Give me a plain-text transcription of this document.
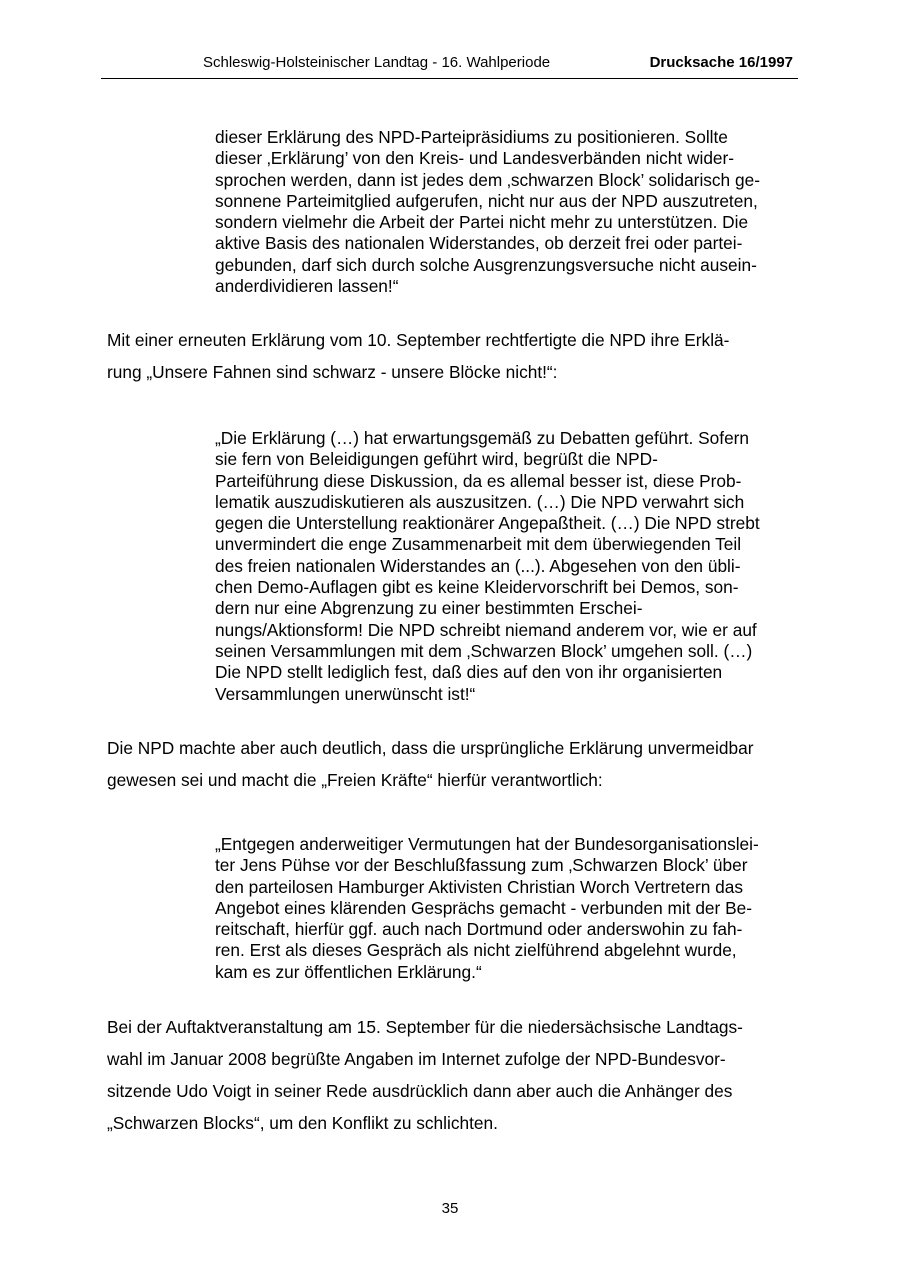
Schleswig-Holsteinischer Landtag - 16. Wahlperiode	Drucksache 16/1997
dieser Erklärung des NPD-Parteipräsidiums zu positionieren. Sollte
dieser ‚Erklärung’ von den Kreis- und Landesverbänden nicht wider-
sprochen werden, dann ist jedes dem ‚schwarzen Block’ solidarisch ge-
sonnene Parteimitglied aufgerufen, nicht nur aus der NPD auszutreten,
sondern vielmehr die Arbeit der Partei nicht mehr zu unterstützen. Die
aktive Basis des nationalen Widerstandes, ob derzeit frei oder partei-
gebunden, darf sich durch solche Ausgrenzungsversuche nicht ausein-
anderdividieren lassen!“
Mit einer erneuten Erklärung vom 10. September rechtfertigte die NPD ihre Erklä-
rung „Unsere Fahnen sind schwarz - unsere Blöcke nicht!“:
„Die Erklärung (…) hat erwartungsgemäß zu Debatten geführt. Sofern
sie fern von Beleidigungen geführt wird, begrüßt die NPD-
Parteiführung diese Diskussion, da es allemal besser ist, diese Prob-
lematik auszudiskutieren als auszusitzen. (…) Die NPD verwahrt sich
gegen die Unterstellung reaktionärer Angepaßtheit. (…) Die NPD strebt
unvermindert die enge Zusammenarbeit mit dem überwiegenden Teil
des freien nationalen Widerstandes an (...). Abgesehen von den übli-
chen Demo-Auflagen gibt es keine Kleidervorschrift bei Demos, son-
dern nur eine Abgrenzung zu einer bestimmten Erschei-
nungs/Aktionsform! Die NPD schreibt niemand anderem vor, wie er auf
seinen Versammlungen mit dem ‚Schwarzen Block’ umgehen soll. (…)
Die NPD stellt lediglich fest, daß dies auf den von ihr organisierten
Versammlungen unerwünscht ist!“
Die NPD machte aber auch deutlich, dass die ursprüngliche Erklärung unvermeidbar
gewesen sei und macht die „Freien Kräfte“ hierfür verantwortlich:
„Entgegen anderweitiger Vermutungen hat der Bundesorganisationslei-
ter Jens Pühse vor der Beschlußfassung zum ‚Schwarzen Block’ über
den parteilosen Hamburger Aktivisten Christian Worch Vertretern das
Angebot eines klärenden Gesprächs gemacht - verbunden mit der Be-
reitschaft, hierfür ggf. auch nach Dortmund oder anderswohin zu fah-
ren. Erst als dieses Gespräch als nicht zielführend abgelehnt wurde,
kam es zur öffentlichen Erklärung.“
Bei der Auftaktveranstaltung am 15. September für die niedersächsische Landtags-
wahl im Januar 2008 begrüßte Angaben im Internet zufolge der NPD-Bundesvor-
sitzende Udo Voigt in seiner Rede ausdrücklich dann aber auch die Anhänger des
„Schwarzen Blocks“, um den Konflikt zu schlichten.
35
